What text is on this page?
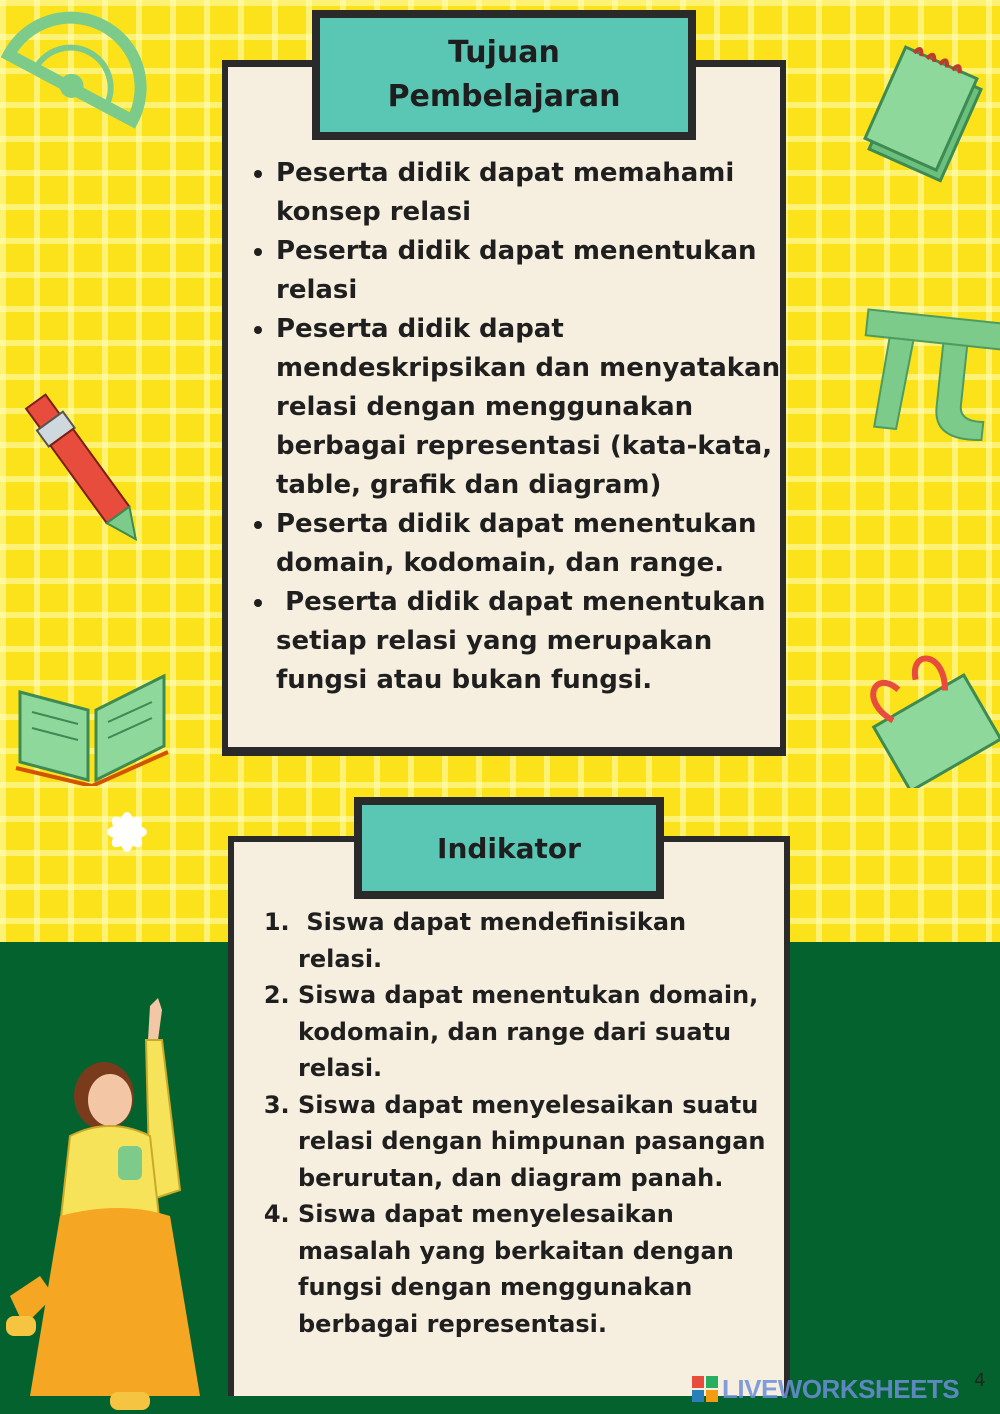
Tujuan
Pembelajaran
• Peserta didik dapat memahami konsep relasi
• Peserta didik dapat menentukan relasi
• Peserta didik dapat mendeskripsikan dan menyatakan relasi dengan menggunakan berbagai representasi (kata-kata, table, grafik dan diagram)
• Peserta didik dapat menentukan domain, kodomain, dan range.
•  Peserta didik dapat menentukan setiap relasi yang merupakan fungsi atau bukan fungsi.
Indikator
1.  Siswa dapat mendefinisikan relasi.
2. Siswa dapat menentukan domain, kodomain, dan range dari suatu relasi.
3. Siswa dapat menyelesaikan suatu relasi dengan himpunan pasangan berurutan, dan diagram panah.
4. Siswa dapat menyelesaikan masalah yang berkaitan dengan fungsi dengan menggunakan berbagai representasi.
4
LIVEWORKSHEETS
